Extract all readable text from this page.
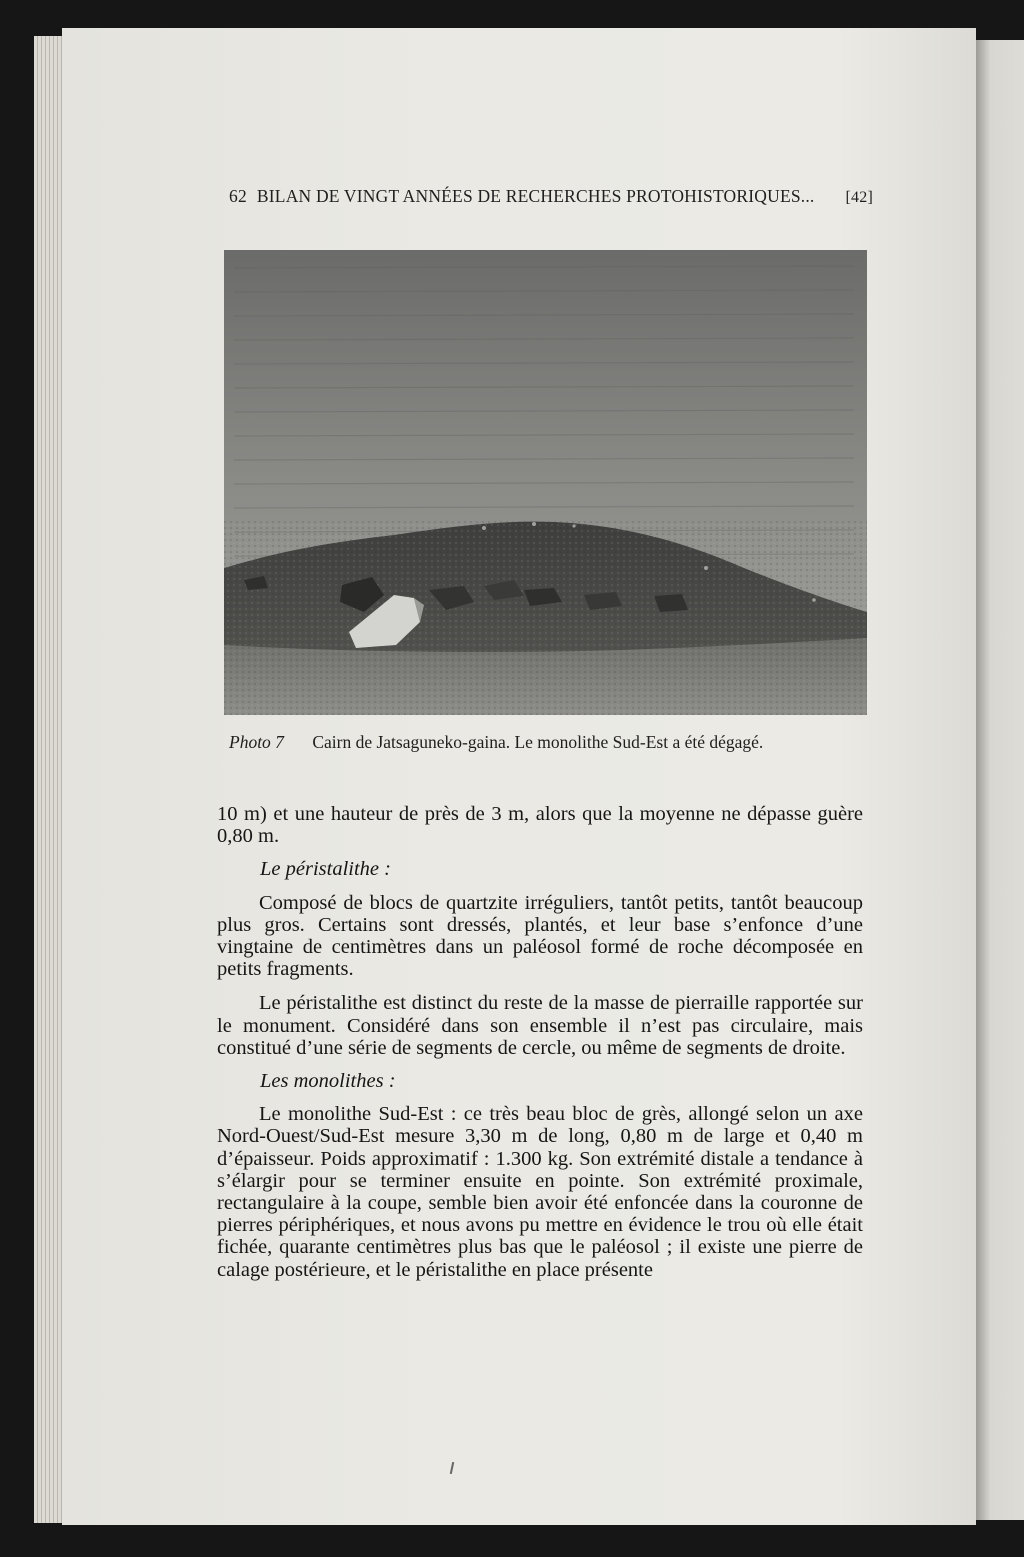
62 BILAN DE VINGT ANNÉES DE RECHERCHES PROTOHISTORIQUES...	[42]
Photo 7 Cairn de Jatsaguneko-gaina. Le monolithe Sud-Est a été dégagé.

10 m) et une hauteur de près de 3 m, alors que la moyenne ne dépasse guère 0,80 m.

Le péristalithe :

Composé de blocs de quartzite irréguliers, tantôt petits, tantôt beaucoup plus gros. Certains sont dressés, plantés, et leur base s’enfonce d’une vingtaine de centimètres dans un paléosol formé de roche décomposée en petits fragments.

Le péristalithe est distinct du reste de la masse de pierraille rapportée sur le monument. Considéré dans son ensemble il n’est pas circulaire, mais constitué d’une série de segments de cercle, ou même de segments de droite.

Les monolithes :

Le monolithe Sud-Est : ce très beau bloc de grès, allongé selon un axe Nord-Ouest/Sud-Est mesure 3,30 m de long, 0,80 m de large et 0,40 m d’épaisseur. Poids approximatif : 1.300 kg. Son extrémité distale a tendance à s’élargir pour se terminer ensuite en pointe. Son extrémité proximale, rectangulaire à la coupe, semble bien avoir été enfoncée dans la couronne de pierres périphériques, et nous avons pu mettre en évidence le trou où elle était fichée, quarante centimètres plus bas que le paléosol ; il existe une pierre de calage postérieure, et le péristalithe en place présente
